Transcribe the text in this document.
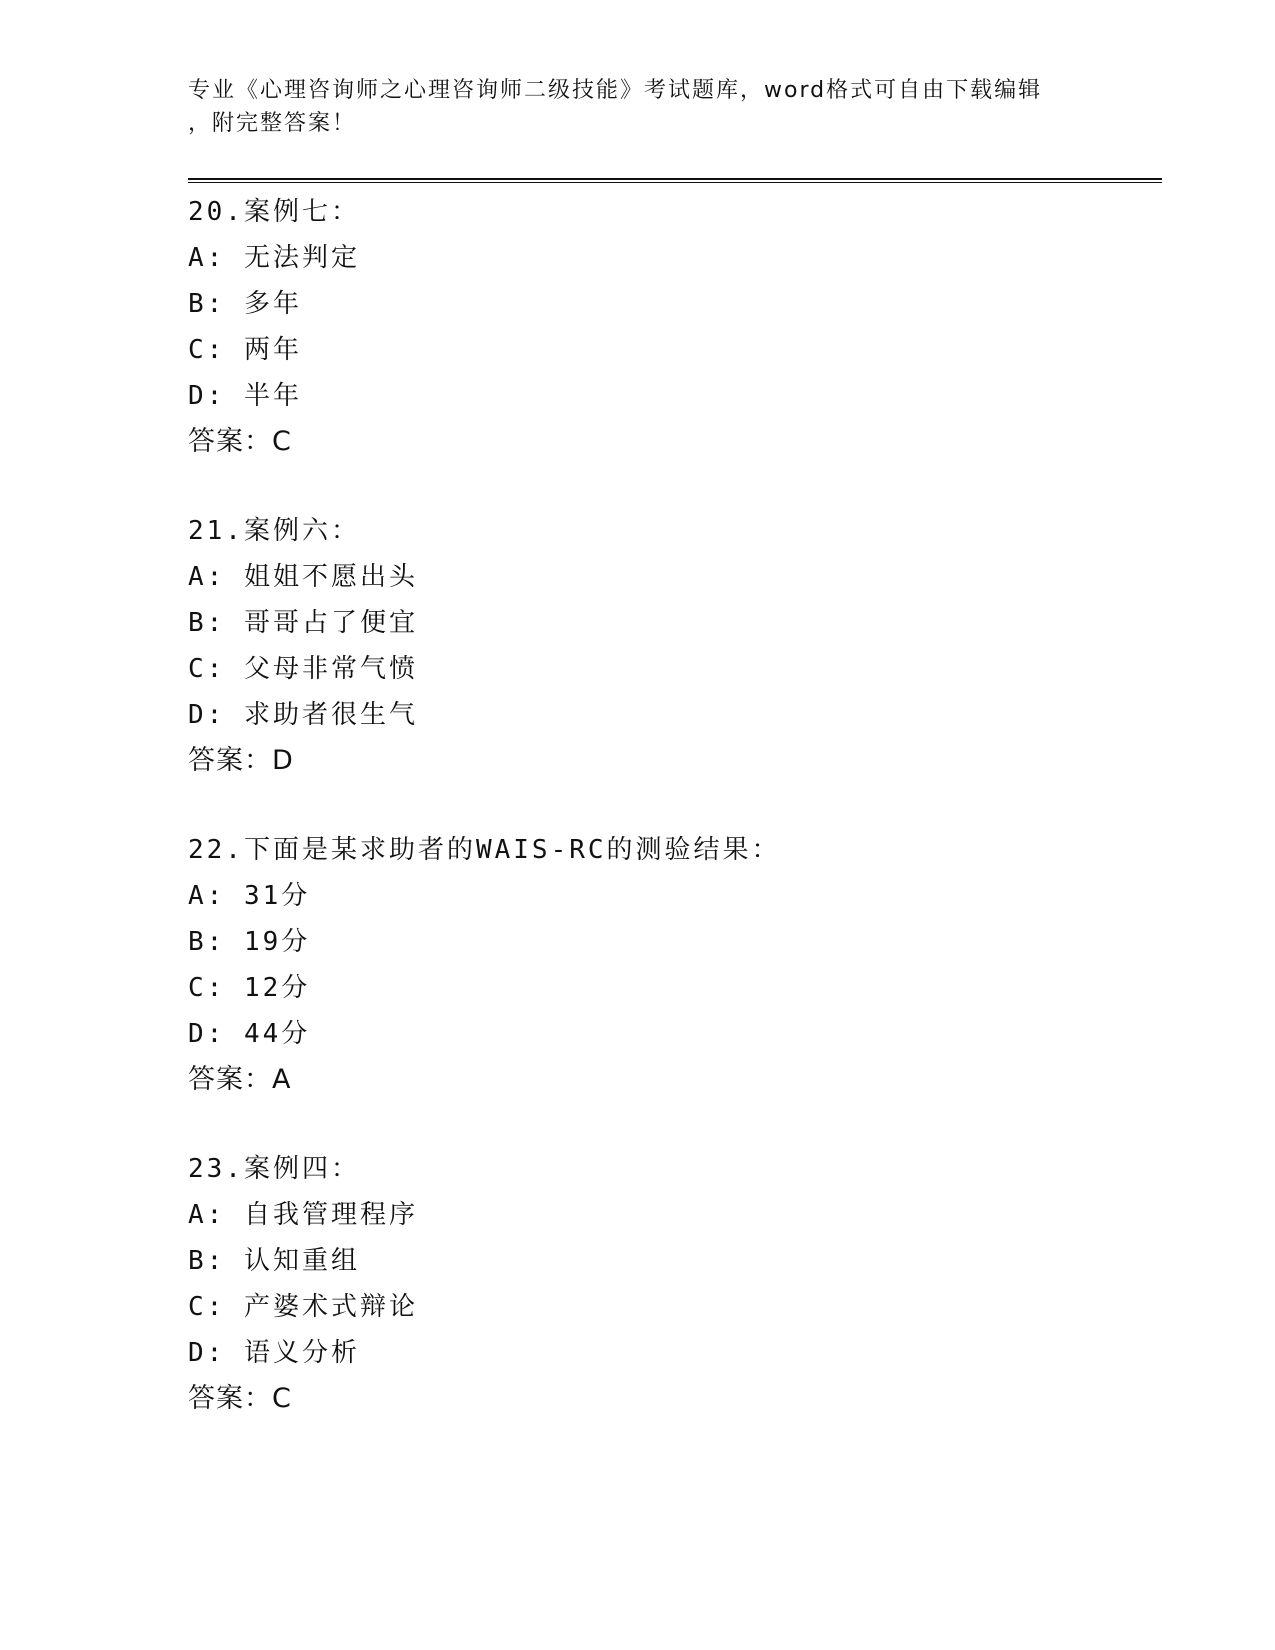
专业《心理咨询师之心理咨询师二级技能》考试题库，word格式可自由下载编辑
，附完整答案！
20.案例七：
A: 无法判定
B: 多年
C: 两年
D: 半年
答案：C
21.案例六：
A: 姐姐不愿出头
B: 哥哥占了便宜
C: 父母非常气愤
D: 求助者很生气
答案：D
22.下面是某求助者的WAIS-RC的测验结果：
A: 31分
B: 19分
C: 12分
D: 44分
答案：A
23.案例四：
A: 自我管理程序
B: 认知重组
C: 产婆术式辩论
D: 语义分析
答案：C
